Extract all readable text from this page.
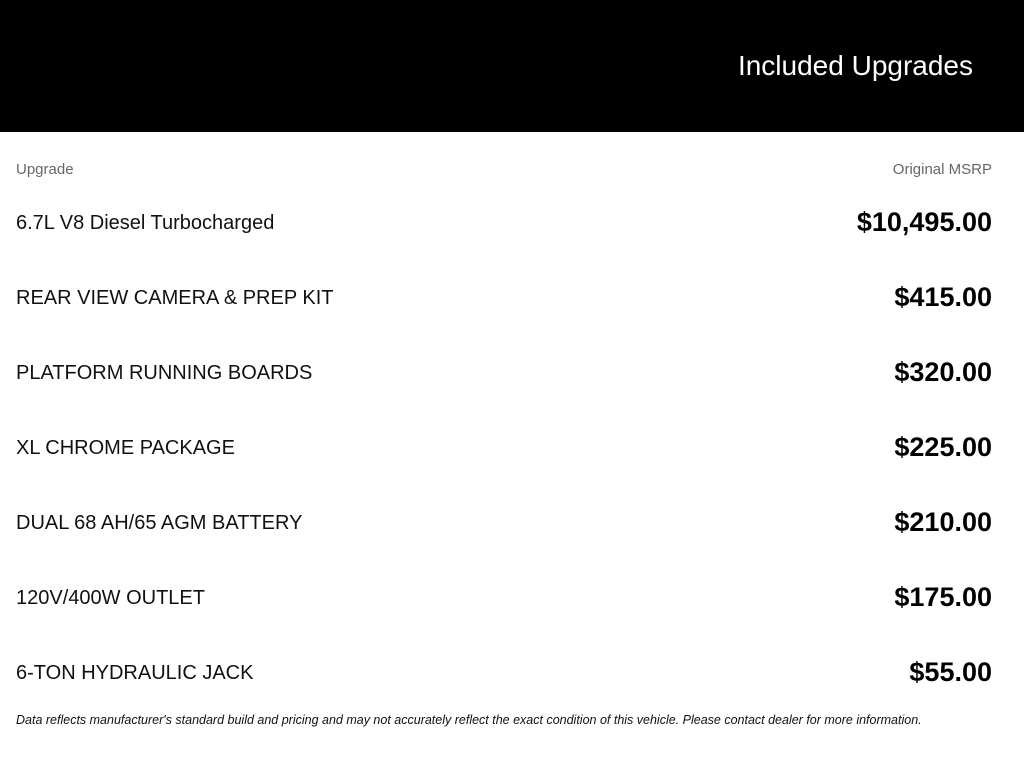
Included Upgrades
Upgrade	Original MSRP
6.7L V8 Diesel Turbocharged	$10,495.00
REAR VIEW CAMERA & PREP KIT	$415.00
PLATFORM RUNNING BOARDS	$320.00
XL CHROME PACKAGE	$225.00
DUAL 68 AH/65 AGM BATTERY	$210.00
120V/400W OUTLET	$175.00
6-TON HYDRAULIC JACK	$55.00
Data reflects manufacturer's standard build and pricing and may not accurately reflect the exact condition of this vehicle. Please contact dealer for more information.
